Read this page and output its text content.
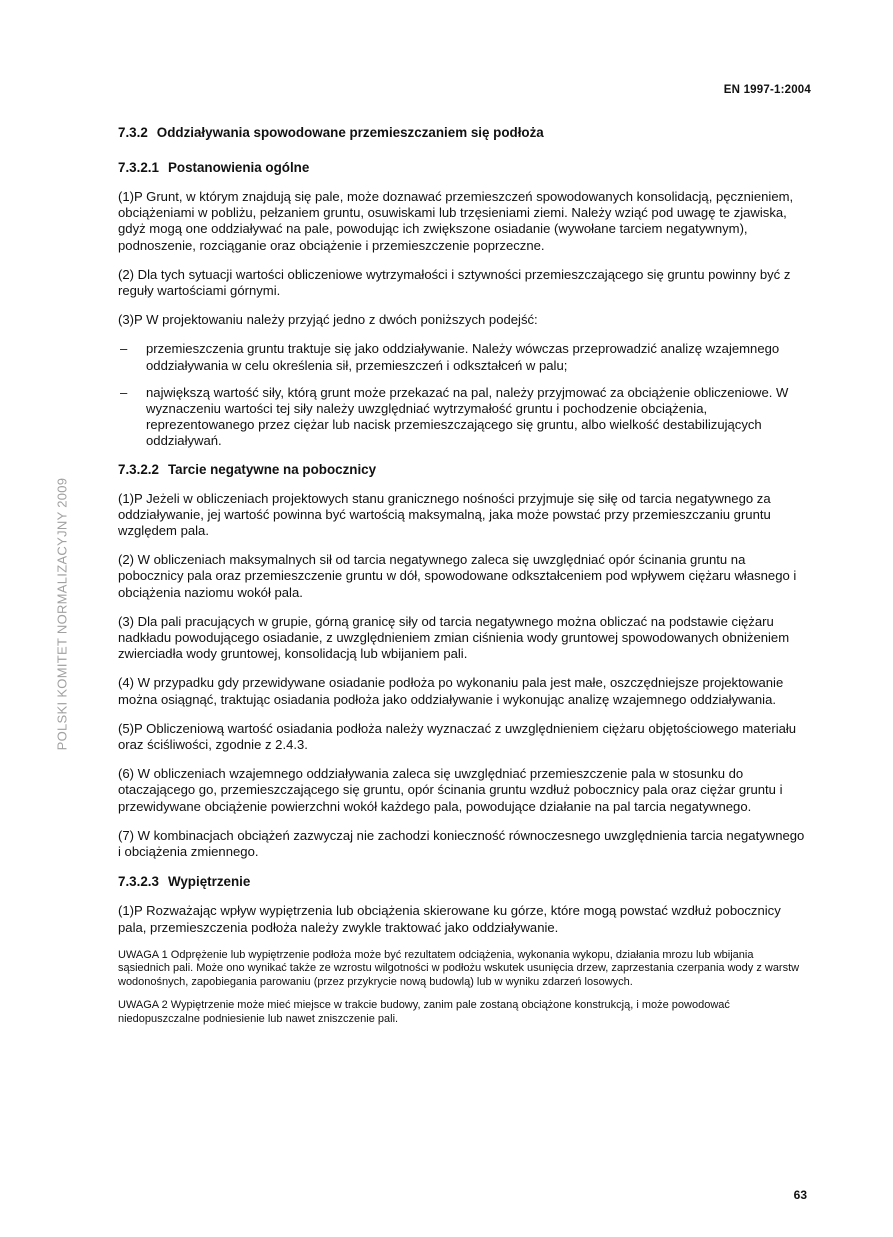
EN 1997-1:2004
POLSKI KOMITET NORMALIZACYJNY 2009
7.3.2 Oddziaływania spowodowane przemieszczaniem się podłoża
7.3.2.1 Postanowienia ogólne

(1)P Grunt, w którym znajdują się pale, może doznawać przemieszczeń spowodowanych konsolidacją, pęcznieniem, obciążeniami w pobliżu, pełzaniem gruntu, osuwiskami lub trzęsieniami ziemi. Należy wziąć pod uwagę te zjawiska, gdyż mogą one oddziaływać na pale, powodując ich zwiększone osiadanie (wywołane tarciem negatywnym), podnoszenie, rozciąganie oraz obciążenie i przemieszczenie poprzeczne.

(2) Dla tych sytuacji wartości obliczeniowe wytrzymałości i sztywności przemieszczającego się gruntu powinny być z reguły wartościami górnymi.

(3)P W projektowaniu należy przyjąć jedno z dwóch poniższych podejść:

– przemieszczenia gruntu traktuje się jako oddziaływanie. Należy wówczas przeprowadzić analizę wzajemnego oddziaływania w celu określenia sił, przemieszczeń i odkształceń w palu;
– największą wartość siły, którą grunt może przekazać na pal, należy przyjmować za obciążenie obliczeniowe. W wyznaczeniu wartości tej siły należy uwzględniać wytrzymałość gruntu i pochodzenie obciążenia, reprezentowanego przez ciężar lub nacisk przemieszczającego się gruntu, albo wielkość destabilizujących oddziaływań.
7.3.2.2 Tarcie negatywne na pobocznicy

(1)P Jeżeli w obliczeniach projektowych stanu granicznego nośności przyjmuje się siłę od tarcia negatywnego za oddziaływanie, jej wartość powinna być wartością maksymalną, jaka może powstać przy przemieszczaniu gruntu względem pala.

(2) W obliczeniach maksymalnych sił od tarcia negatywnego zaleca się uwzględniać opór ścinania gruntu na pobocznicy pala oraz przemieszczenie gruntu w dół, spowodowane odkształceniem pod wpływem ciężaru własnego i obciążenia naziomu wokół pala.

(3) Dla pali pracujących w grupie, górną granicę siły od tarcia negatywnego można obliczać na podstawie ciężaru nadkładu powodującego osiadanie, z uwzględnieniem zmian ciśnienia wody gruntowej spowodowanych obniżeniem zwierciadła wody gruntowej, konsolidacją lub wbijaniem pali.

(4) W przypadku gdy przewidywane osiadanie podłoża po wykonaniu pala jest małe, oszczędniejsze projektowanie można osiągnąć, traktując osiadania podłoża jako oddziaływanie i wykonując analizę wzajemnego oddziaływania.

(5)P Obliczeniową wartość osiadania podłoża należy wyznaczać z uwzględnieniem ciężaru objętościowego materiału oraz ściśliwości, zgodnie z 2.4.3.

(6) W obliczeniach wzajemnego oddziaływania zaleca się uwzględniać przemieszczenie pala w stosunku do otaczającego go, przemieszczającego się gruntu, opór ścinania gruntu wzdłuż pobocznicy pala oraz ciężar gruntu i przewidywane obciążenie powierzchni wokół każdego pala, powodujące działanie na pal tarcia negatywnego.

(7) W kombinacjach obciążeń zazwyczaj nie zachodzi konieczność równoczesnego uwzględnienia tarcia negatywnego i obciążenia zmiennego.

7.3.2.3 Wypiętrzenie

(1)P Rozważając wpływ wypiętrzenia lub obciążenia skierowane ku górze, które mogą powstać wzdłuż pobocznicy pala, przemieszczenia podłoża należy zwykle traktować jako oddziaływanie.

UWAGA 1 Odprężenie lub wypiętrzenie podłoża może być rezultatem odciążenia, wykonania wykopu, działania mrozu lub wbijania sąsiednich pali. Może ono wynikać także ze wzrostu wilgotności w podłożu wskutek usunięcia drzew, zaprzestania czerpania wody z warstw wodonośnych, zapobiegania parowaniu (przez przykrycie nową budowlą) lub w wyniku zdarzeń losowych.

UWAGA 2 Wypiętrzenie może mieć miejsce w trakcie budowy, zanim pale zostaną obciążone konstrukcją, i może powodować niedopuszczalne podniesienie lub nawet zniszczenie pali.

63
